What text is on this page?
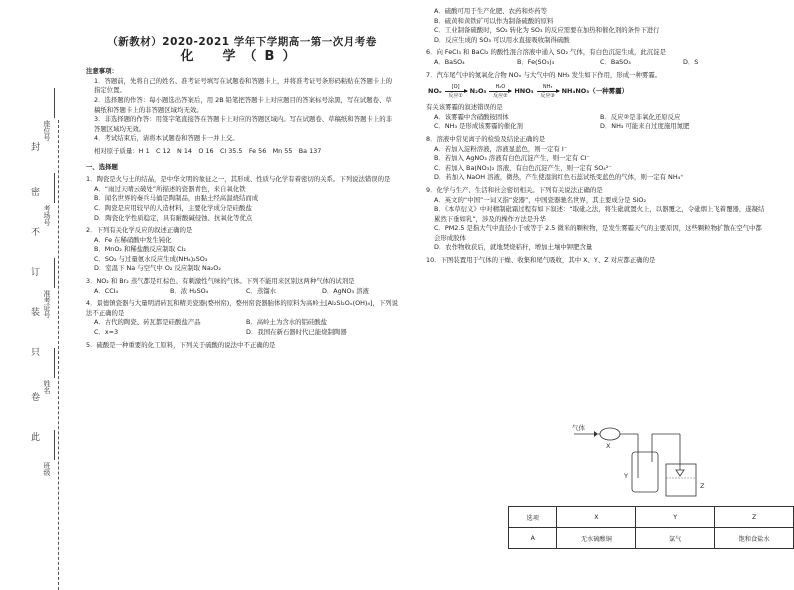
座位号
考场号
准考证号
姓名
班级
封
密
不
订
装
只
卷
此
（新教材）2020-2021 学年下学期高一第一次月考卷
化　学（B）

注意事项：

1．答题前，先将自己的姓名、准考证号填写在试题卷和答题卡上，并将准考证号条形码粘贴在答题卡上的指定位置。

2．选择题的作答：每小题选出答案后，用 2B 铅笔把答题卡上对应题目的答案标号涂黑，写在试题卷、草稿纸和答题卡上的非答题区域均无效。

3．非选择题的作答：用签字笔直接答在答题卡上对应的答题区域内。写在试题卷、草稿纸和答题卡上的非答题区域均无效。

4．考试结束后，请将本试题卷和答题卡一并上交。

相对原子质量：H 1　C 12　N 14　O 16　Cl 35.5　Fe 56　Mn 55　Ba 137

一、选择题

1．陶瓷是火与土的结晶，是中华文明的象征之一，其形成、性质与化学有着密切的关系。下列说法错误的是

A．“雨过天晴云破处”所描述的瓷器青色，来自氧化铁

B．闻名世界的秦兵马俑是陶制品，由黏土经高温烧结而成

C．陶瓷是应用较早的人造材料，主要化学成分是硅酸盐

D．陶瓷化学性质稳定，具有耐酸碱侵蚀、抗氧化等优点

2．下列有关化学反应的叙述正确的是

A．Fe 在稀硝酸中发生钝化

B．MnO₂ 和稀盐酸反应制取 Cl₂

C．SO₂ 与过量氨水反应生成(NH₄)₂SO₃

D．室温下 Na 与空气中 O₂ 反应制取 Na₂O₂

3．NO₂ 和 Br₂ 蒸气都是红棕色、有刺激性气味的气体。下列不能用来区别这两种气体的试剂是

A．CCl₄	B．浓 H₂SO₄	C．蒸馏水	D．AgNO₃ 溶液

4．景德镇瓷器与大量明清砖瓦和精美瓷器(婺州窑)，婺州窑瓷器胎体的原料为高岭土[Al₂Si₂Oₓ(OH)₄]，下列说法不正确的是

A．古代的陶瓷、砖瓦都是硅酸盐产品	B．高岭土为含水的铝硅酸盐
C．x=3	D．我国在新石器时代已能烧制陶器

5．硫酸是一种重要的化工原料，下列关于硫酸的说法中不正确的是

A．硫酸可用于生产化肥、农药和炸药等

B．硫黄和黄铁矿可以作为制备硫酸的原料

C．工业制备硫酸时，SO₂ 转化为 SO₃ 的反应需要在加热和催化剂的条件下进行

D．反应生成的 SO₃ 可以用水直接吸收制得硫酸

6．向 FeCl₃ 和 BaCl₂ 的酸性混合溶液中通入 SO₂ 气体，有白色沉淀生成，此沉淀是

A．BaSO₄	B．Fe(SO₃)₃	C．BaSO₃	D．S

7．汽车尾气中的氮氧化合物 NOₓ 与大气中的 NH₃ 发生如下作用，形成一种雾霾。

NOₓ	[O]
反应①
N₂O₅	H₂O
反应②
HNO₃	NH₃
反应③
NH₄NO₃（一种雾霾）

有关该雾霾的叙述错误的是

A．该雾霾中含硝酸铵固体	B．反应②是非氧化还原反应
C．NH₃ 是形成该雾霾的催化剂	D．NH₃ 可能来自过度施用氮肥

8．溶液中常见离子的检验及结论正确的是

A．若加入淀粉溶液，溶液显蓝色，则一定有 I⁻

B．若加入 AgNO₃ 溶液有白色沉淀产生，则一定有 Cl⁻

C．若加入 Ba(NO₃)₂ 溶液，有白色沉淀产生，则一定有 SO₄²⁻

D．若加入 NaOH 溶液，微热，产生使湿润红色石蕊试纸变蓝色的气体，则一定有 NH₄⁺

9．化学与生产、生活和社会密切相关。下列有关说法正确的是

A．英文的“中国”一词又指“瓷器”，中国瓷器驰名世界，其主要成分是 SiO₂

B．《本草衍义》中对精制砒霜过程有如下叙述：“取砒之法，将生砒就置火上，以器覆之，令砒烟上飞着覆器，遂凝结累然下垂如乳”，涉及的操作方法是升华

C．PM2.5 是指大气中直径小于或等于 2.5 微米的颗粒物，是发生雾霾天气的主要原因，这些颗粒物扩散在空气中都会形成胶体

D．农作物收获后，就地焚烧秸秆，增加土壤中钾肥含量

10．下图装置用于气体的干燥、收集和尾气吸收，其中 X、Y、Z 对应都正确的是

气体
X
Y
Z
选项	X	Y	Z
A	无水硫酸铜	氯气	饱和食盐水
